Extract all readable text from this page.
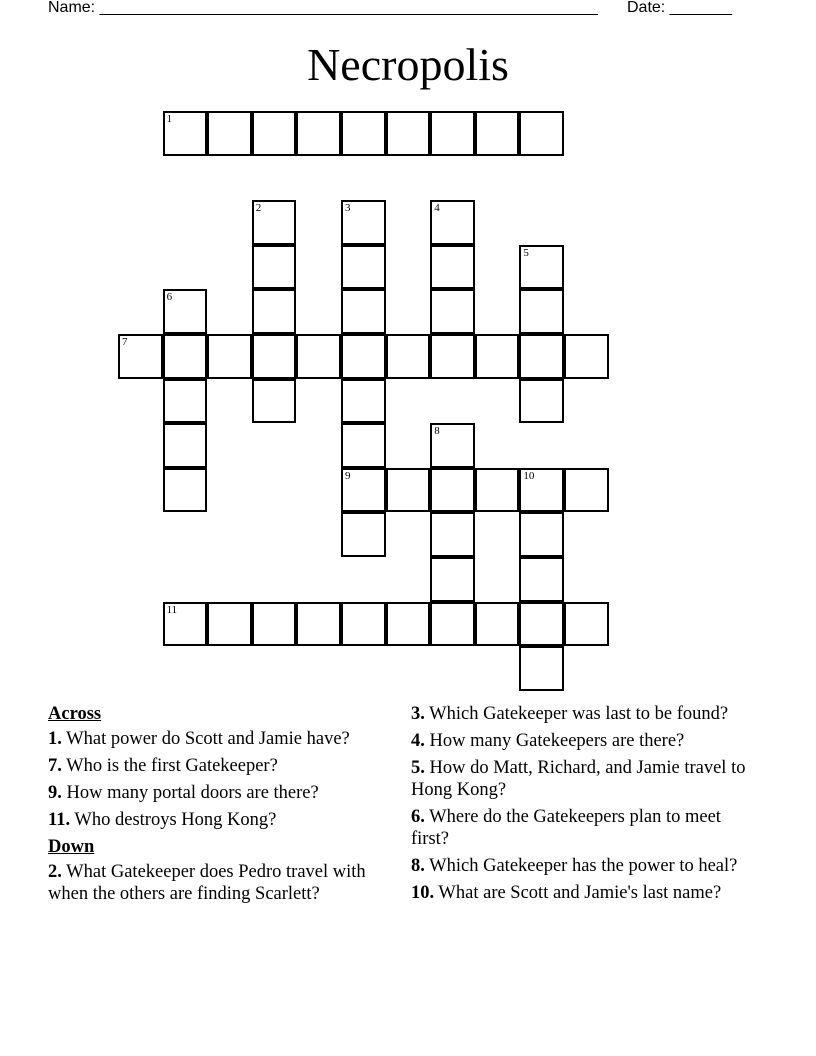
Name: ________________________________________________________ Date: _______
Necropolis
1
7
9	10
11
2	3	4
5
6
8
Across
1. What power do Scott and Jamie have?
7. Who is the first Gatekeeper?
9. How many portal doors are there?
11. Who destroys Hong Kong?
Down
2. What Gatekeeper does Pedro travel with when the others are finding Scarlett?
3. Which Gatekeeper was last to be found?
4. How many Gatekeepers are there?
5. How do Matt, Richard, and Jamie travel to Hong Kong?
6. Where do the Gatekeepers plan to meet first?
8. Which Gatekeeper has the power to heal?
10. What are Scott and Jamie's last name?
